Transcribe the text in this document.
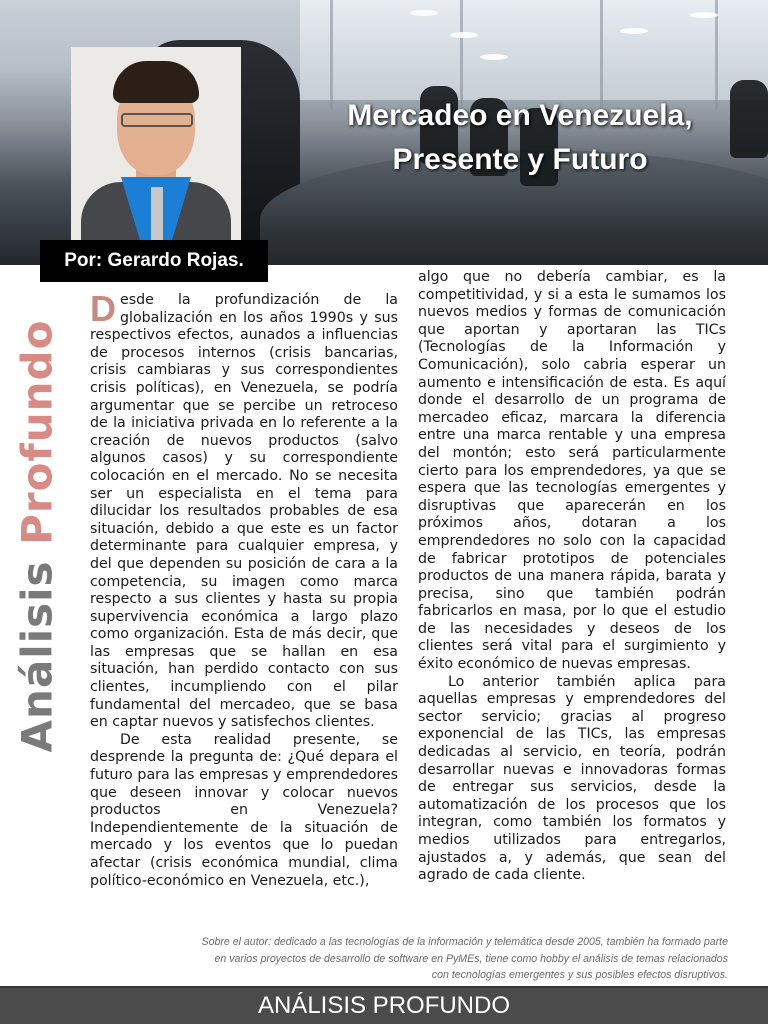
Mercadeo en Venezuela,
Presente y Futuro
Por: Gerardo Rojas.
Análisis Profundo

Desde la profundización de la globalización en los años 1990s y sus respectivos efectos, aunados a influencias de procesos internos (crisis bancarias, crisis cambiaras y sus correspondientes crisis políticas), en Venezuela, se podría argumentar que se percibe un retroceso de la iniciativa privada en lo referente a la creación de nuevos productos (salvo algunos casos) y su correspondiente colocación en el mercado. No se necesita ser un especialista en el tema para dilucidar los resultados probables de esa situación, debido a que este es un factor determinante para cualquier empresa, y del que dependen su posición de cara a la competencia, su imagen como marca respecto a sus clientes y hasta su propia supervivencia económica a largo plazo como organización. Esta de más decir, que las empresas que se hallan en esa situación, han perdido contacto con sus clientes, incumpliendo con el pilar fundamental del mercadeo, que se basa en captar nuevos y satisfechos clientes.

De esta realidad presente, se desprende la pregunta de: ¿Qué depara el futuro para las empresas y emprendedores que deseen innovar y colocar nuevos productos en Venezuela? Independientemente de la situación de mercado y los eventos que lo puedan afectar (crisis económica mundial, clima político-económico en Venezuela, etc.),

algo que no debería cambiar, es la competitividad, y si a esta le sumamos los nuevos medios y formas de comunicación que aportan y aportaran las TICs (Tecnologías de la Información y Comunicación), solo cabria esperar un aumento e intensificación de esta. Es aquí donde el desarrollo de un programa de mercadeo eficaz, marcara la diferencia entre una marca rentable y una empresa del montón; esto será particularmente cierto para los emprendedores, ya que se espera que las tecnologías emergentes y disruptivas que aparecerán en los próximos años, dotaran a los emprendedores no solo con la capacidad de fabricar prototipos de potenciales productos de una manera rápida, barata y precisa, sino que también podrán fabricarlos en masa, por lo que el estudio de las necesidades y deseos de los clientes será vital para el surgimiento y éxito económico de nuevas empresas.

Lo anterior también aplica para aquellas empresas y emprendedores del sector servicio; gracias al progreso exponencial de las TICs, las empresas dedicadas al servicio, en teoría, podrán desarrollar nuevas e innovadoras formas de entregar sus servicios, desde la automatización de los procesos que los integran, como también los formatos y medios utilizados para entregarlos, ajustados a, y además, que sean del agrado de cada cliente.

Sobre el autor: dedicado a las tecnologías de la información y telemática desde 2005, también ha formado parte en varios proyectos de desarrollo de software en PyMEs, tiene como hobby el análisis de temas relacionados con tecnologías emergentes y sus posibles efectos disruptivos.
ANÁLISIS PROFUNDO
